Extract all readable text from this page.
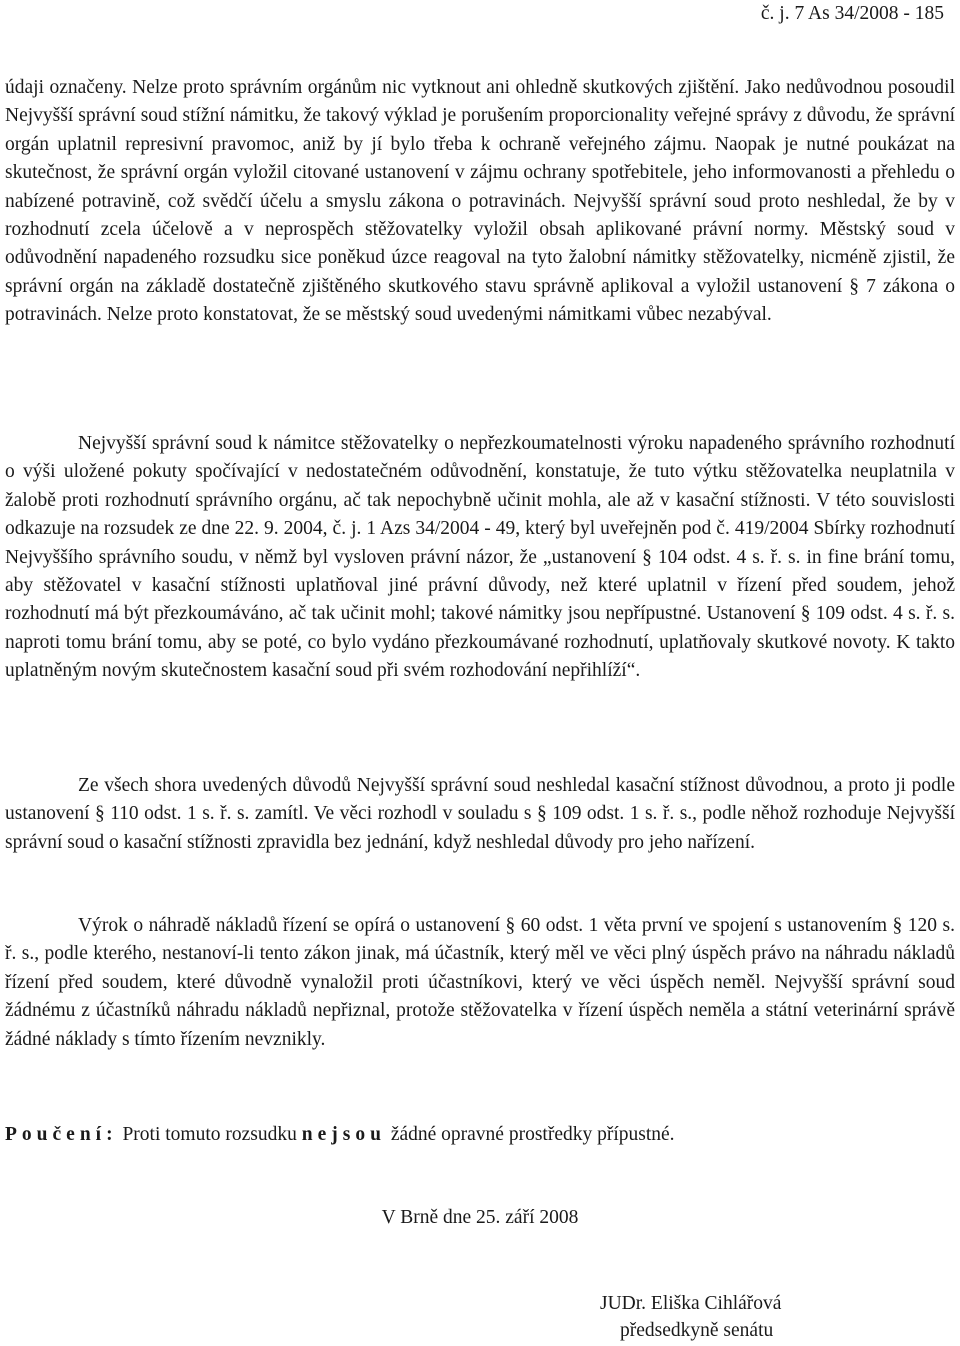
č. j. 7 As 34/2008 - 185

údaji označeny. Nelze proto správním orgánům nic vytknout ani ohledně skutkových zjištění. Jako nedůvodnou posoudil Nejvyšší správní soud stížní námitku, že takový výklad je porušením proporcionality veřejné správy z důvodu, že správní orgán uplatnil represivní pravomoc, aniž by jí bylo třeba k ochraně veřejného zájmu. Naopak je nutné poukázat na skutečnost, že správní orgán vyložil citované ustanovení v zájmu ochrany spotřebitele, jeho informovanosti a přehledu o nabízené potravině, což svědčí účelu a smyslu zákona o potravinách. Nejvyšší správní soud proto neshledal, že by v rozhodnutí zcela účelově a v neprospěch stěžovatelky vyložil obsah aplikované právní normy. Městský soud v odůvodnění napadeného rozsudku sice poněkud úzce reagoval na tyto žalobní námitky stěžovatelky, nicméně zjistil, že správní orgán na základě dostatečně zjištěného skutkového stavu správně aplikoval a vyložil ustanovení § 7 zákona o potravinách. Nelze proto konstatovat, že se městský soud uvedenými námitkami vůbec nezabýval.

Nejvyšší správní soud k námitce stěžovatelky o nepřezkoumatelnosti výroku napadeného správního rozhodnutí o výši uložené pokuty spočívající v nedostatečném odůvodnění, konstatuje, že tuto výtku stěžovatelka neuplatnila v žalobě proti rozhodnutí správního orgánu, ač tak nepochybně učinit mohla, ale až v kasační stížnosti. V této souvislosti odkazuje na rozsudek ze dne 22. 9. 2004, č. j. 1 Azs 34/2004 - 49, který byl uveřejněn pod č. 419/2004 Sbírky rozhodnutí Nejvyššího správního soudu, v němž byl vysloven právní názor, že „ustanovení § 104 odst. 4 s. ř. s. in fine brání tomu, aby stěžovatel v kasační stížnosti uplatňoval jiné právní důvody, než které uplatnil v řízení před soudem, jehož rozhodnutí má být přezkoumáváno, ač tak učinit mohl; takové námitky jsou nepřípustné. Ustanovení § 109 odst. 4 s. ř. s. naproti tomu brání tomu, aby se poté, co bylo vydáno přezkoumávané rozhodnutí, uplatňovaly skutkové novoty. K takto uplatněným novým skutečnostem kasační soud při svém rozhodování nepřihlíží“.

Ze všech shora uvedených důvodů Nejvyšší správní soud neshledal kasační stížnost důvodnou, a proto ji podle ustanovení § 110 odst. 1 s. ř. s. zamítl. Ve věci rozhodl v souladu s § 109 odst. 1 s. ř. s., podle něhož rozhoduje Nejvyšší správní soud o kasační stížnosti zpravidla bez jednání, když neshledal důvody pro jeho nařízení.

Výrok o náhradě nákladů řízení se opírá o ustanovení § 60 odst. 1 věta první ve spojení s ustanovením § 120 s. ř. s., podle kterého, nestanoví-li tento zákon jinak, má účastník, který měl ve věci plný úspěch právo na náhradu nákladů řízení před soudem, které důvodně vynaložil proti účastníkovi, který ve věci úspěch neměl. Nejvyšší správní soud žádnému z účastníků náhradu nákladů nepřiznal, protože stěžovatelka v řízení úspěch neměla a státní veterinární správě žádné náklady s tímto řízením nevznikly.

Poučení: Proti tomuto rozsudku nejsou žádné opravné prostředky přípustné.
V Brně dne 25. září 2008
JUDr. Eliška Cihlářová
předsedkyně senátu
